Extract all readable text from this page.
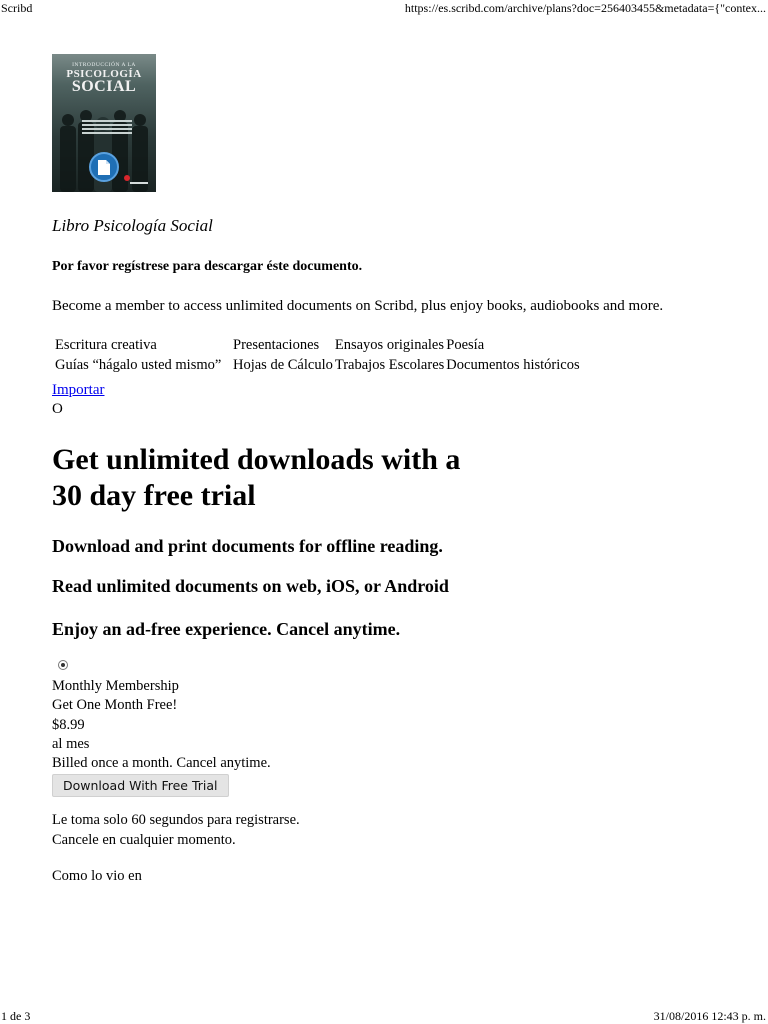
Scribd	https://es.scribd.com/archive/plans?doc=256403455&metadata={"contex...
INTRODUCCIÓN A LA
PSICOLOGÍA
SOCIAL
Libro Psicología Social
Por favor regístrese para descargar éste documento.
Become a member to access unlimited documents on Scribd, plus enjoy books, audiobooks and more.
Escritura creativa	Presentaciones	Ensayos originales	Poesía
Guías “hágalo usted mismo”	Hojas de Cálculo	Trabajos Escolares	Documentos históricos
Importar
O
Get unlimited downloads with a 30 day free trial
Download and print documents for offline reading.
Read unlimited documents on web, iOS, or Android
Enjoy an ad-free experience. Cancel anytime.
Monthly Membership
Get One Month Free!
$8.99
al mes
Billed once a month. Cancel anytime.
Download With Free Trial
Le toma solo 60 segundos para registrarse.
Cancele en cualquier momento.
Como lo vio en
1 de 3	31/08/2016 12:43 p. m.
